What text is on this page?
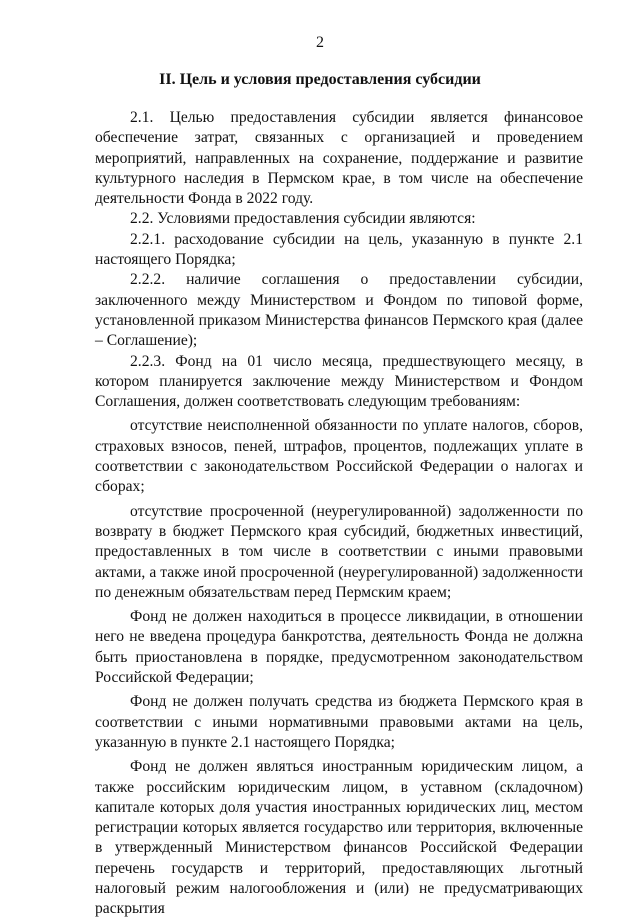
2
II. Цель и условия предоставления субсидии

2.1. Целью предоставления субсидии является финансовое обеспечение затрат, связанных с организацией и проведением мероприятий, направленных на сохранение, поддержание и развитие культурного наследия в Пермском крае, в том числе на обеспечение деятельности Фонда в 2022 году.

2.2. Условиями предоставления субсидии являются:

2.2.1. расходование субсидии на цель, указанную в пункте 2.1 настоящего Порядка;

2.2.2. наличие соглашения о предоставлении субсидии, заключенного между Министерством и Фондом по типовой форме, установленной приказом Министерства финансов Пермского края (далее – Соглашение);

2.2.3. Фонд на 01 число месяца, предшествующего месяцу, в котором планируется заключение между Министерством и Фондом Соглашения, должен соответствовать следующим требованиям:

отсутствие неисполненной обязанности по уплате налогов, сборов, страховых взносов, пеней, штрафов, процентов, подлежащих уплате в соответствии с законодательством Российской Федерации о налогах и сборах;

отсутствие просроченной (неурегулированной) задолженности по возврату в бюджет Пермского края субсидий, бюджетных инвестиций, предоставленных в том числе в соответствии с иными правовыми актами, а также иной просроченной (неурегулированной) задолженности по денежным обязательствам перед Пермским краем;

Фонд не должен находиться в процессе ликвидации, в отношении него не введена процедура банкротства, деятельность Фонда не должна быть приостановлена в порядке, предусмотренном законодательством Российской Федерации;

Фонд не должен получать средства из бюджета Пермского края в соответствии с иными нормативными правовыми актами на цель, указанную в пункте 2.1 настоящего Порядка;

Фонд не должен являться иностранным юридическим лицом, а также российским юридическим лицом, в уставном (складочном) капитале которых доля участия иностранных юридических лиц, местом регистрации которых является государство или территория, включенные в утвержденный Министерством финансов Российской Федерации перечень государств и территорий, предоставляющих льготный налоговый режим налогообложения и (или) не предусматривающих раскрытия
